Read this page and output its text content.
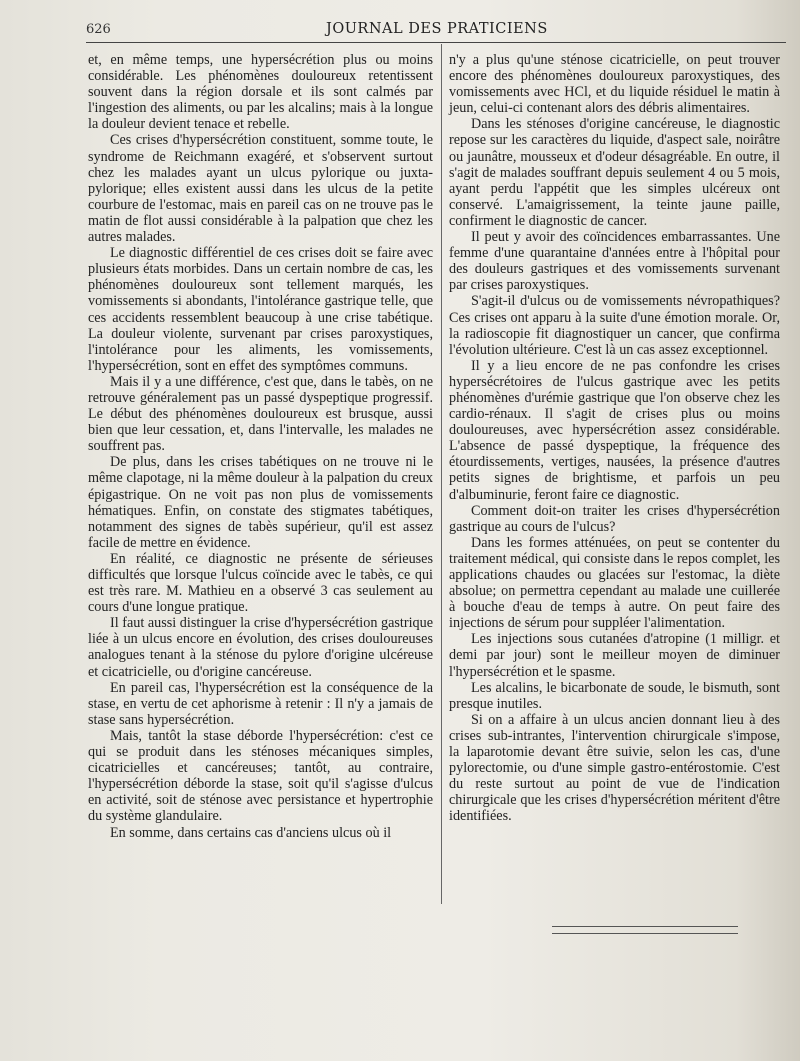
626	JOURNAL DES PRATICIENS

et, en même temps, une hypersécrétion plus ou moins considérable. Les phénomènes douloureux retentissent souvent dans la région dorsale et ils sont calmés par l'ingestion des aliments, ou par les alcalins; mais à la longue la douleur devient tenace et rebelle.

Ces crises d'hypersécrétion constituent, somme toute, le syndrome de Reichmann exagéré, et s'observent surtout chez les malades ayant un ulcus pylorique ou juxta-pylorique; elles existent aussi dans les ulcus de la petite courbure de l'estomac, mais en pareil cas on ne trouve pas le matin de flot aussi considérable à la palpation que chez les autres malades.

Le diagnostic différentiel de ces crises doit se faire avec plusieurs états morbides. Dans un certain nombre de cas, les phénomènes douloureux sont tellement marqués, les vomissements si abondants, l'intolérance gastrique telle, que ces accidents ressemblent beaucoup à une crise tabétique. La douleur violente, survenant par crises paroxystiques, l'intolérance pour les aliments, les vomissements, l'hypersécrétion, sont en effet des symptômes communs.

Mais il y a une différence, c'est que, dans le tabès, on ne retrouve généralement pas un passé dyspeptique progressif. Le début des phénomènes douloureux est brusque, aussi bien que leur cessation, et, dans l'intervalle, les malades ne souffrent pas.

De plus, dans les crises tabétiques on ne trouve ni le même clapotage, ni la même douleur à la palpation du creux épigastrique. On ne voit pas non plus de vomissements hématiques. Enfin, on constate des stigmates tabétiques, notamment des signes de tabès supérieur, qu'il est assez facile de mettre en évidence.

En réalité, ce diagnostic ne présente de sérieuses difficultés que lorsque l'ulcus coïncide avec le tabès, ce qui est très rare. M. Mathieu en a observé 3 cas seulement au cours d'une longue pratique.

Il faut aussi distinguer la crise d'hypersécrétion gastrique liée à un ulcus encore en évolution, des crises douloureuses analogues tenant à la sténose du pylore d'origine ulcéreuse et cicatricielle, ou d'origine cancéreuse.

En pareil cas, l'hypersécrétion est la conséquence de la stase, en vertu de cet aphorisme à retenir : Il n'y a jamais de stase sans hypersécrétion.

Mais, tantôt la stase déborde l'hypersécrétion: c'est ce qui se produit dans les sténoses mécaniques simples, cicatricielles et cancéreuses; tantôt, au contraire, l'hypersécrétion déborde la stase, soit qu'il s'agisse d'ulcus en activité, soit de sténose avec persistance et hypertrophie du système glandulaire.

En somme, dans certains cas d'anciens ulcus où il

n'y a plus qu'une sténose cicatricielle, on peut trouver encore des phénomènes douloureux paroxystiques, des vomissements avec HCl, et du liquide résiduel le matin à jeun, celui-ci contenant alors des débris alimentaires.

Dans les sténoses d'origine cancéreuse, le diagnostic repose sur les caractères du liquide, d'aspect sale, noirâtre ou jaunâtre, mousseux et d'odeur désagréable. En outre, il s'agit de malades souffrant depuis seulement 4 ou 5 mois, ayant perdu l'appétit que les simples ulcéreux ont conservé. L'amaigrissement, la teinte jaune paille, confirment le diagnostic de cancer.

Il peut y avoir des coïncidences embarrassantes. Une femme d'une quarantaine d'années entre à l'hôpital pour des douleurs gastriques et des vomissements survenant par crises paroxystiques.

S'agit-il d'ulcus ou de vomissements névropathiques? Ces crises ont apparu à la suite d'une émotion morale. Or, la radioscopie fit diagnostiquer un cancer, que confirma l'évolution ultérieure. C'est là un cas assez exceptionnel.

Il y a lieu encore de ne pas confondre les crises hypersécrétoires de l'ulcus gastrique avec les petits phénomènes d'urémie gastrique que l'on observe chez les cardio-rénaux. Il s'agit de crises plus ou moins douloureuses, avec hypersécrétion assez considérable. L'absence de passé dyspeptique, la fréquence des étourdissements, vertiges, nausées, la présence d'autres petits signes de brightisme, et parfois un peu d'albuminurie, feront faire ce diagnostic.

Comment doit-on traiter les crises d'hypersécrétion gastrique au cours de l'ulcus?

Dans les formes atténuées, on peut se contenter du traitement médical, qui consiste dans le repos complet, les applications chaudes ou glacées sur l'estomac, la diète absolue; on permettra cependant au malade une cuillerée à bouche d'eau de temps à autre. On peut faire des injections de sérum pour suppléer l'alimentation.

Les injections sous cutanées d'atropine (1 milligr. et demi par jour) sont le meilleur moyen de diminuer l'hypersécrétion et le spasme.

Les alcalins, le bicarbonate de soude, le bismuth, sont presque inutiles.

Si on a affaire à un ulcus ancien donnant lieu à des crises sub-intrantes, l'intervention chirurgicale s'impose, la laparotomie devant être suivie, selon les cas, d'une pylorectomie, ou d'une simple gastro-entérostomie. C'est du reste surtout au point de vue de l'indication chirurgicale que les crises d'hypersécrétion méritent d'être identifiées.
